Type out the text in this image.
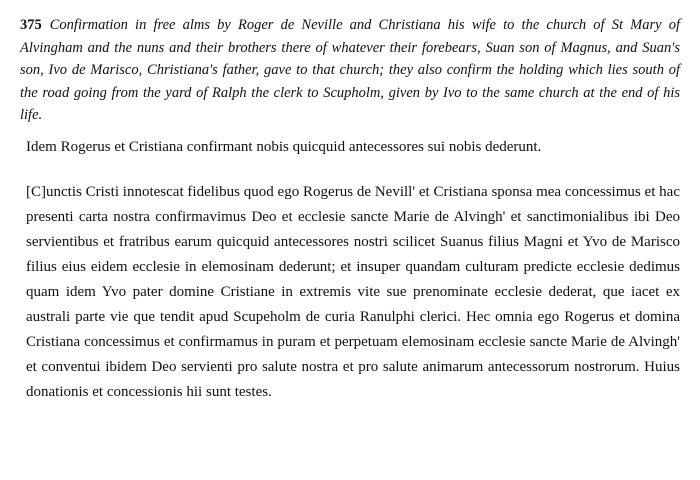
375 Confirmation in free alms by Roger de Neville and Christiana his wife to the church of St Mary of Alvingham and the nuns and their brothers there of whatever their forebears, Suan son of Magnus, and Suan's son, Ivo de Marisco, Christiana's father, gave to that church; they also confirm the holding which lies south of the road going from the yard of Ralph the clerk to Scupholm, given by Ivo to the same church at the end of his life.

Idem Rogerus et Cristiana confirmant nobis quicquid antecessores sui nobis dederunt.

[C]unctis Cristi innotescat fidelibus quod ego Rogerus de Nevill' et Cristiana sponsa mea concessimus et hac presenti carta nostra confirmavimus Deo et ecclesie sancte Marie de Alvingh' et sanctimonialibus ibi Deo servientibus et fratribus earum quicquid antecessores nostri scilicet Suanus filius Magni et Yvo de Marisco filius eius eidem ecclesie in elemosinam dederunt; et insuper quandam culturam predicte ecclesie dedimus quam idem Yvo pater domine Cristiane in extremis vite sue prenominate ecclesie dederat, que iacet ex australi parte vie que tendit apud Scupeholm de curia Ranulphi clerici. Hec omnia ego Rogerus et domina Cristiana concessimus et confirmamus in puram et perpetuam elemosinam ecclesie sancte Marie de Alvingh' et conventui ibidem Deo servienti pro salute nostra et pro salute animarum antecessorum nostrorum. Huius donationis et concessionis hii sunt testes.
